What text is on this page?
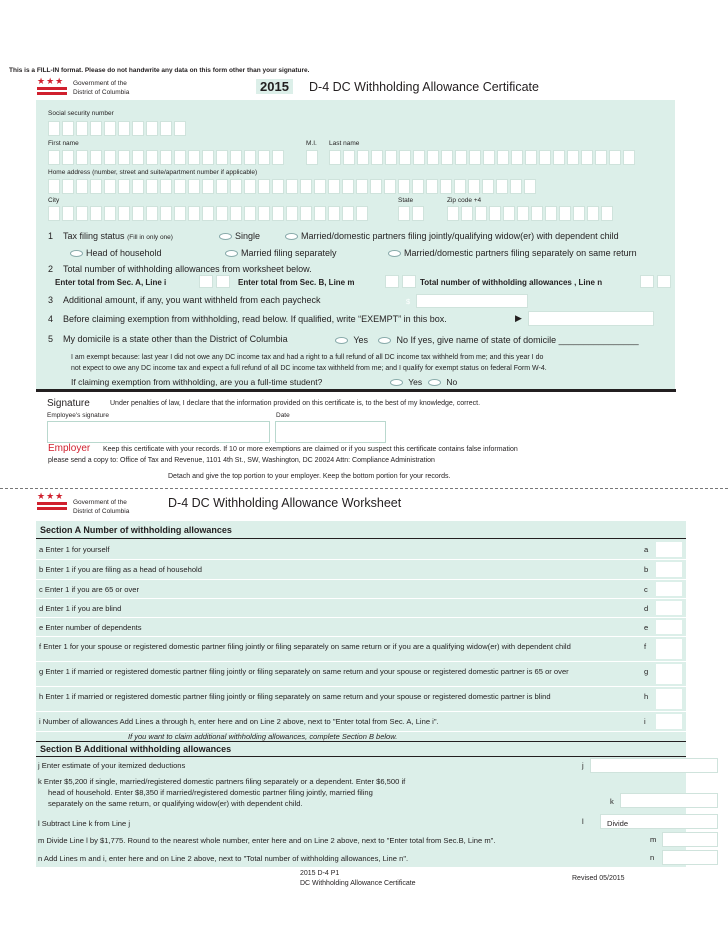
This is a FILL-IN format. Please do not handwrite any data on this form other than your signature.
★★★	Government of the
District of Columbia	2015	D-4 DC Withholding Allowance Certificate
Social security number
First name	M.I. Last name
Home address (number, street and suite/apartment number if applicable)
City	State	Zip code +4
1 Tax filing status (Fill in only one)	Single	Married/domestic partners filing jointly/qualifying widow(er) with dependent child
Head of household	Married filing separately	Married/domestic partners filing separately on same return
2 Total number of withholding allowances from worksheet below.
Enter total from Sec. A, Line i	Enter total from Sec. B, Line m	Total number of withholding allowances , Line n
3 Additional amount, if any, you want withheld from each paycheck	$
4 Before claiming exemption from withholding, read below. If qualified, write “EXEMPT” in this box.	▶
5 My domicile is a state other than the District of Columbia	Yes	No If yes, give name of state of domicile ________________
I am exempt because: last year I did not owe any DC income tax and had a right to a full refund of all DC income tax withheld from me; and this year I do
not expect to owe any DC income tax and expect a full refund of all DC income tax withheld from me; and I qualify for exempt status on federal Form W-4.
If claiming exemption from withholding, are you a full-time student?	Yes	No
Signature	Under penalties of law, I declare that the information provided on this certificate is, to the best of my knowledge, correct.
Employee's signature	Date
Employer Keep this certificate with your records. If 10 or more exemptions are claimed or if you suspect this certificate contains false information
please send a copy to: Office of Tax and Revenue, 1101 4th St., SW, Washington, DC 20024 Attn: Compliance Administration
Detach and give the top portion to your employer. Keep the bottom portion for your records.
★★★
Government of the
District of Columbia
D-4 DC Withholding Allowance Worksheet
Section A Number of withholding allowances
a Enter 1 for yourself	a
b Enter 1 if you are filing as a head of household	b
c Enter 1 if you are 65 or over	c
d Enter 1 if you are blind	d
e Enter number of dependents	e
f Enter 1 for your spouse or registered domestic partner filing jointly or filing separately on same return or if you are a qualifying widow(er) with dependent child	f
g Enter 1 if married or registered domestic partner filing jointly or filing separately on same return and your spouse or registered domestic partner is 65 or over	g
h Enter 1 if married or registered domestic partner filing jointly or filing separately on same return and your spouse or registered domestic partner is blind	h
i Number of allowances Add Lines a through h, enter here and on Line 2 above, next to "Enter total from Sec. A, Line i".	i
If you want to claim additional withholding allowances, complete Section B below.
Section B Additional withholding allowances
j Enter estimate of your itemized deductions	j
k Enter $5,200 if single, married/registered domestic partners filing separately or a dependent. Enter $6,500 if
head of household. Enter $8,350 if married/registered domestic partner filing jointly, married filing
separately on the same return, or qualifying widow(er) with dependent child.	k
l Subtract Line k from Line j	l	Divide
m Divide Line l by $1,775. Round to the nearest whole number, enter here and on Line 2 above, next to "Enter total from Sec.B, Line m".	m
n Add Lines m and i, enter here and on Line 2 above, next to "Total number of withholding allowances, Line n".	n
2015 D-4 P1
DC Withholding Allowance Certificate
Revised 05/2015
